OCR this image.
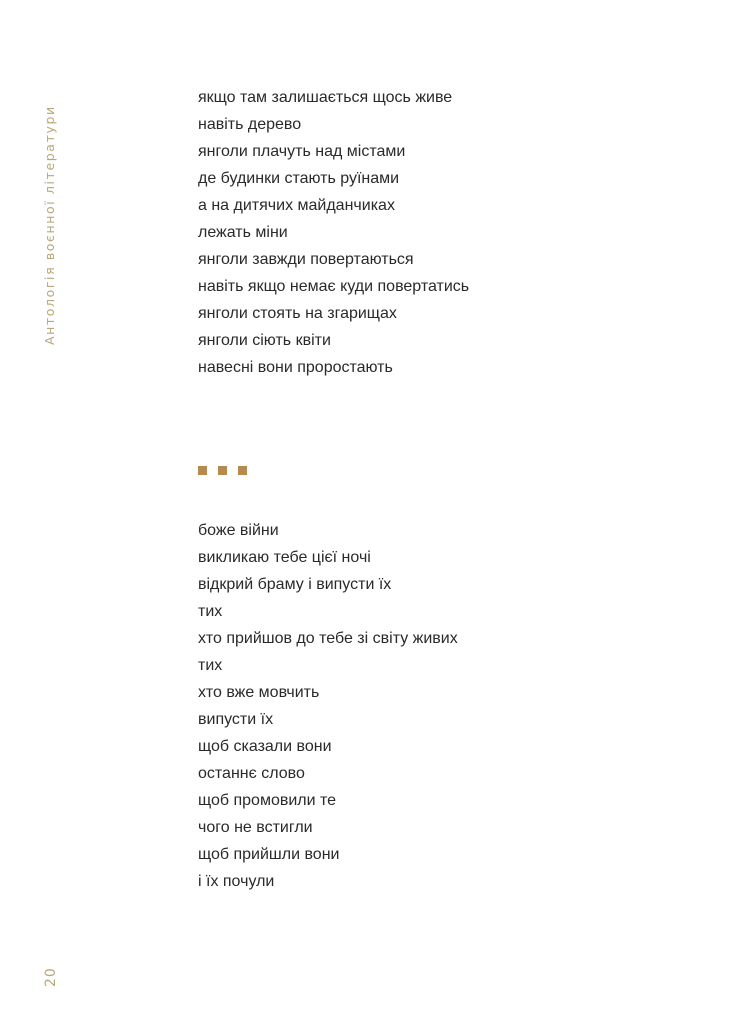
Антологія воєнної літератури
якщо там залишається щось живе
навіть дерево
янголи плачуть над містами
де будинки стають руїнами
а на дитячих майданчиках
лежать міни
янголи завжди повертаються
навіть якщо немає куди повертатись
янголи стоять на згарищах
янголи сіють квіти
навесні вони проростають
боже війни
викликаю тебе цієї ночі
відкрий браму і випусти їх
тих
хто прийшов до тебе зі світу живих
тих
хто вже мовчить
випусти їх
щоб сказали вони
останнє слово
щоб промовили те
чого не встигли
щоб прийшли вони
і їх почули
20
